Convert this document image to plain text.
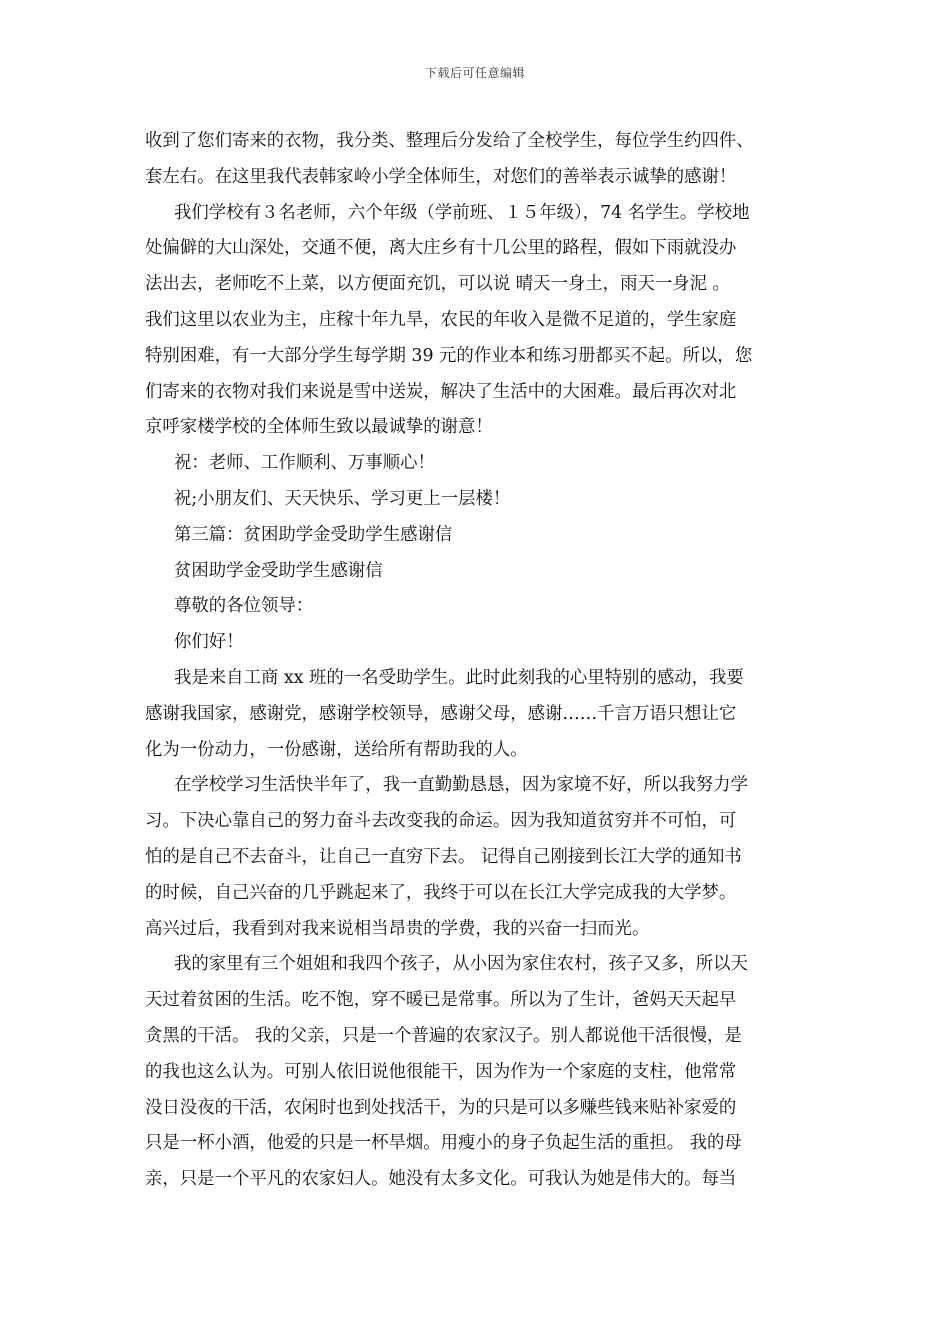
下载后可任意编辑
收到了您们寄来的衣物，我分类、整理后分发给了全校学生，每位学生约四件、
套左右。在这里我代表韩家岭小学全体师生，对您们的善举表示诚挚的感谢！
我们学校有３名老师，六个年级（学前班、１５年级），74 名学生。学校地
处偏僻的大山深处，交通不便，离大庄乡有十几公里的路程，假如下雨就没办
法出去，老师吃不上菜，以方便面充饥，可以说 晴天一身土，雨天一身泥 。
我们这里以农业为主，庄稼十年九旱，农民的年收入是微不足道的，学生家庭
特别困难，有一大部分学生每学期 39 元的作业本和练习册都买不起。所以，您
们寄来的衣物对我们来说是雪中送炭，解决了生活中的大困难。最后再次对北
京呼家楼学校的全体师生致以最诚挚的谢意！
祝：老师、工作顺利、万事顺心！
祝;小朋友们、天天快乐、学习更上一层楼！
第三篇：贫困助学金受助学生感谢信
贫困助学金受助学生感谢信
尊敬的各位领导：
你们好！
我是来自工商 xx 班的一名受助学生。此时此刻我的心里特别的感动，我要
感谢我国家，感谢党，感谢学校领导，感谢父母，感谢……千言万语只想让它
化为一份动力，一份感谢，送给所有帮助我的人。
在学校学习生活快半年了，我一直勤勤恳恳，因为家境不好，所以我努力学
习。下决心靠自己的努力奋斗去改变我的命运。因为我知道贫穷并不可怕，可
怕的是自己不去奋斗，让自己一直穷下去。 记得自己刚接到长江大学的通知书
的时候，自己兴奋的几乎跳起来了，我终于可以在长江大学完成我的大学梦。
高兴过后，我看到对我来说相当昂贵的学费，我的兴奋一扫而光。
我的家里有三个姐姐和我四个孩子，从小因为家住农村，孩子又多，所以天
天过着贫困的生活。吃不饱，穿不暖已是常事。所以为了生计，爸妈天天起早
贪黑的干活。 我的父亲，只是一个普遍的农家汉子。别人都说他干活很慢，是
的我也这么认为。可别人依旧说他很能干，因为作为一个家庭的支柱，他常常
没日没夜的干活，农闲时也到处找活干，为的只是可以多赚些钱来贴补家爱的
只是一杯小酒，他爱的只是一杯旱烟。用瘦小的身子负起生活的重担。 我的母
亲，只是一个平凡的农家妇人。她没有太多文化。可我认为她是伟大的。每当
